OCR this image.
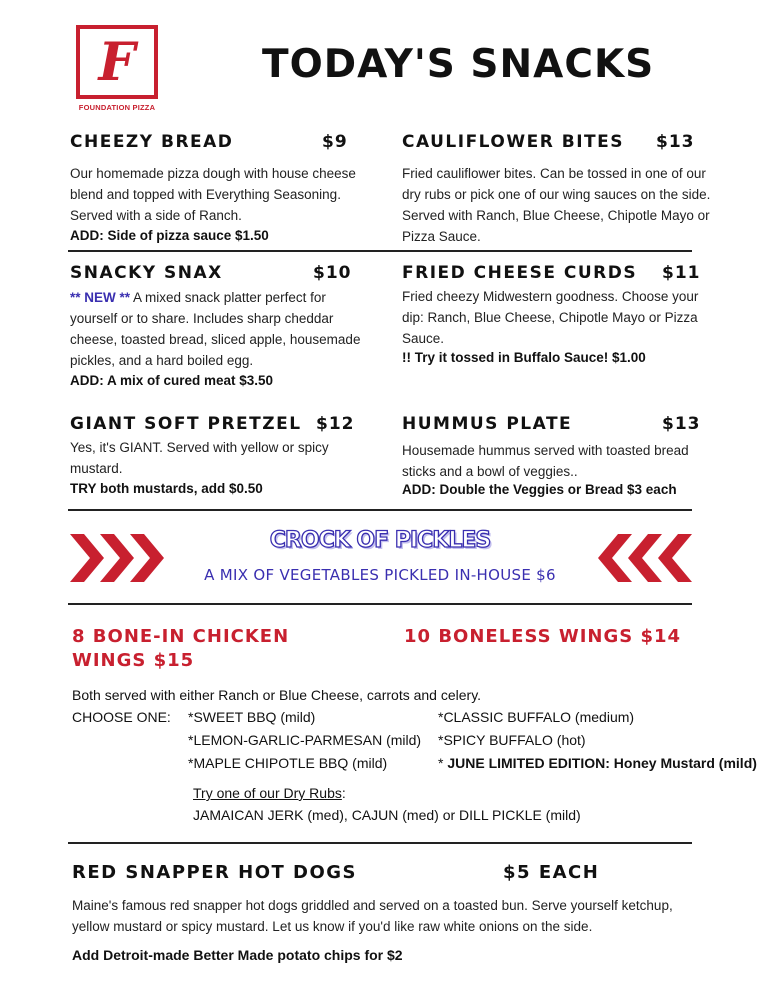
F
FOUNDATION PIZZA
TODAY'S SNACKS
CHEEZY BREAD	$9
Our homemade pizza dough with house cheese
blend and topped with Everything Seasoning.
Served with a side of Ranch.
ADD: Side of pizza sauce $1.50
CAULIFLOWER BITES $13
Fried cauliflower bites. Can be tossed in one of our
dry rubs or pick one of our wing sauces on the side.
Served with Ranch, Blue Cheese, Chipotle Mayo or
Pizza Sauce.
SNACKY SNAX	$10
** NEW ** A mixed snack platter perfect for
yourself or to share. Includes sharp cheddar
cheese, toasted bread, sliced apple, housemade
pickles, and a hard boiled egg.
ADD: A mix of cured meat $3.50
FRIED CHEESE CURDS $11
Fried cheezy Midwestern goodness. Choose your
dip: Ranch, Blue Cheese, Chipotle Mayo or Pizza
Sauce.
!! Try it tossed in Buffalo Sauce! $1.00
GIANT SOFT PRETZEL $12
Yes, it's GIANT. Served with yellow or spicy
mustard.
TRY both mustards, add $0.50
HUMMUS PLATE	$13
Housemade hummus served with toasted bread
sticks and a bowl of veggies..
ADD: Double the Veggies or Bread $3 each
CROCK OF PICKLES
A MIX OF VEGETABLES PICKLED IN-HOUSE $6
8 BONE-IN CHICKEN
WINGS $15
10 BONELESS WINGS $14
Both served with either Ranch or Blue Cheese, carrots and celery.
CHOOSE ONE: *SWEET BBQ (mild)
*LEMON-GARLIC-PARMESAN (mild)
*MAPLE CHIPOTLE BBQ (mild)
*CLASSIC BUFFALO (medium)
*SPICY BUFFALO (hot)
* JUNE LIMITED EDITION: Honey Mustard (mild)
Try one of our Dry Rubs:
JAMAICAN JERK (med), CAJUN (med) or DILL PICKLE (mild)
RED SNAPPER HOT DOGS	$5 EACH
Maine's famous red snapper hot dogs griddled and served on a toasted bun. Serve yourself ketchup,
yellow mustard or spicy mustard. Let us know if you'd like raw white onions on the side.
Add Detroit-made Better Made potato chips for $2
